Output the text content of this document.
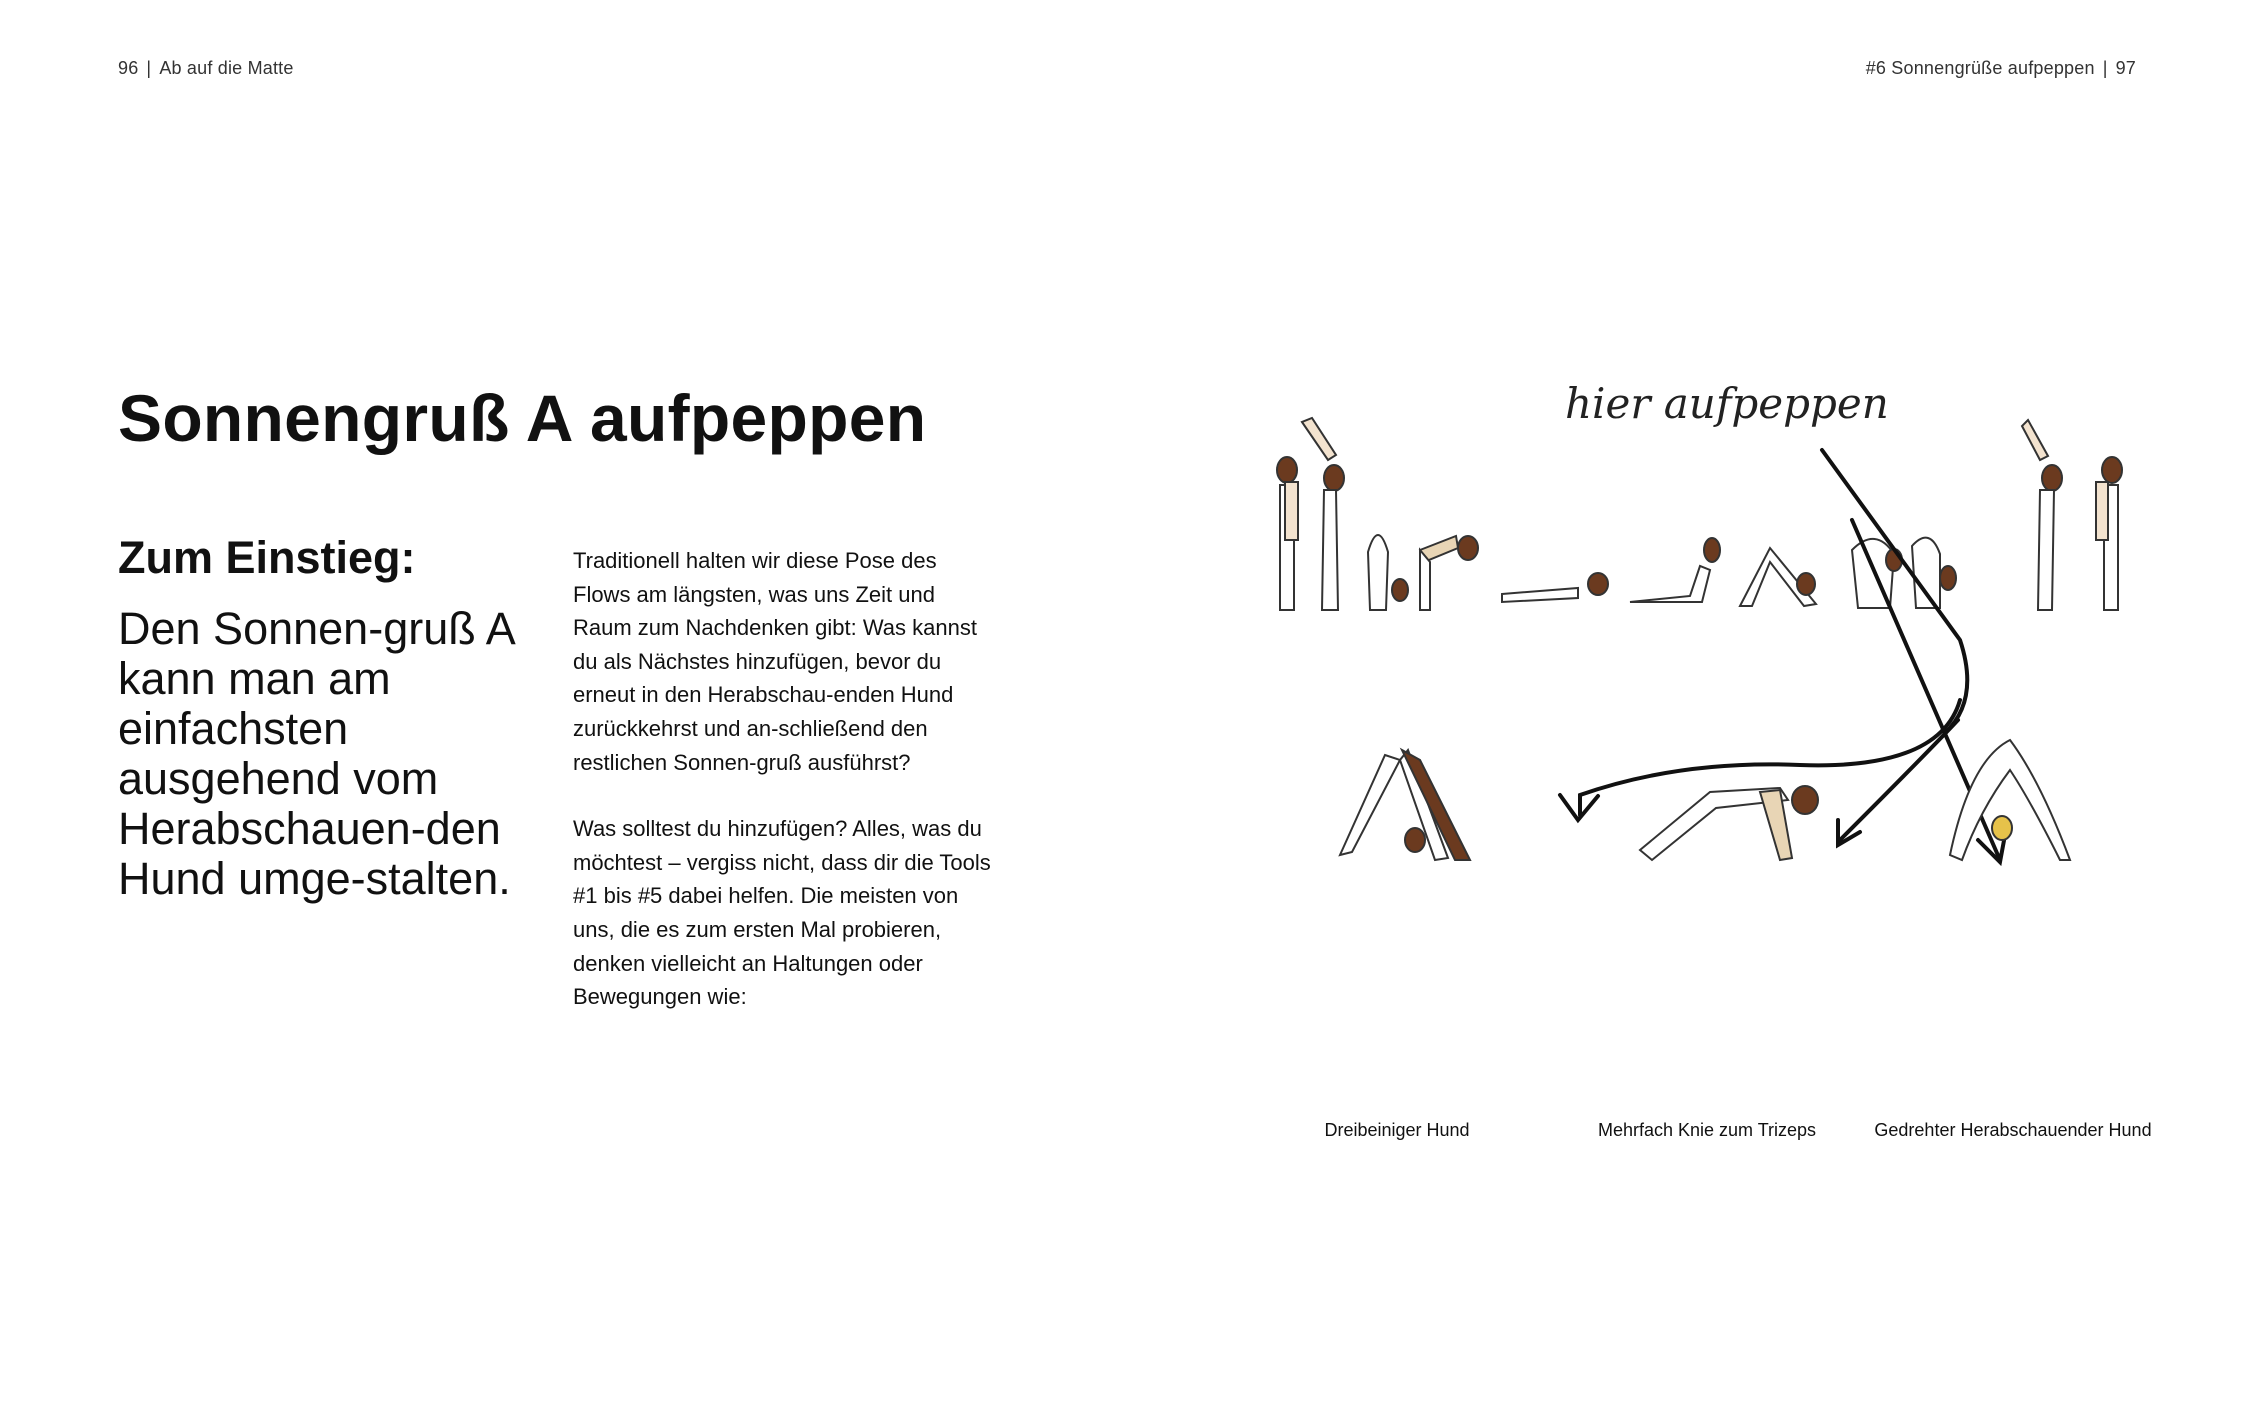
96 | Ab auf die Matte	#6 Sonnengrüße aufpeppen | 97
Sonnengruß A aufpeppen
Zum Einstieg:

Den Sonnen-gruß A kann man am einfachsten ausgehend vom Herabschauen-den Hund umge-stalten.

Traditionell halten wir diese Pose des Flows am längsten, was uns Zeit und Raum zum Nachdenken gibt: Was kannst du als Nächstes hinzufügen, bevor du erneut in den Herabschau-enden Hund zurückkehrst und an-schließend den restlichen Sonnen-gruß ausführst?

Was solltest du hinzufügen? Alles, was du möchtest – vergiss nicht, dass dir die Tools #1 bis #5 dabei helfen. Die meisten von uns, die es zum ersten Mal probieren, denken vielleicht an Haltungen oder Bewegungen wie:

hier aufpeppen
Dreibeiniger Hund	Mehrfach Knie zum Trizeps	Gedrehter Herabschauender Hund
